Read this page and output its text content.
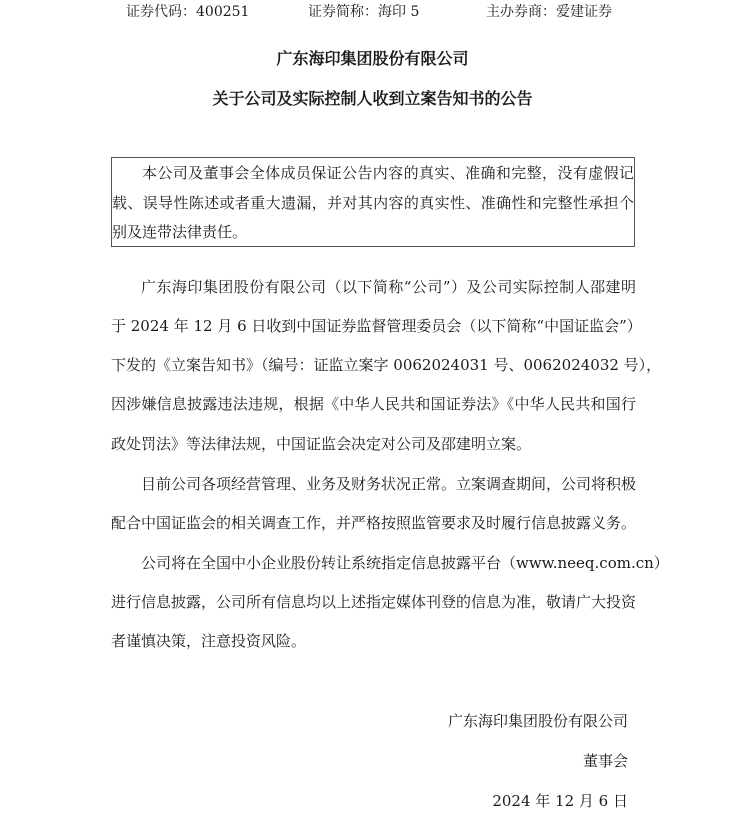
证券代码：400251	证券简称：海印 5	主办券商：爱建证券
广东海印集团股份有限公司
关于公司及实际控制人收到立案告知书的公告
本公司及董事会全体成员保证公告内容的真实、准确和完整，没有虚假记
载、误导性陈述或者重大遗漏，并对其内容的真实性、准确性和完整性承担个
别及连带法律责任。
广东海印集团股份有限公司（以下简称“公司”）及公司实际控制人邵建明
于 2024 年 12 月 6 日收到中国证券监督管理委员会（以下简称“中国证监会”）
下发的《立案告知书》（编号：证监立案字 0062024031 号、0062024032 号），
因涉嫌信息披露违法违规，根据《中华人民共和国证券法》《中华人民共和国行
政处罚法》等法律法规，中国证监会决定对公司及邵建明立案。
目前公司各项经营管理、业务及财务状况正常。立案调查期间，公司将积极
配合中国证监会的相关调查工作，并严格按照监管要求及时履行信息披露义务。
公司将在全国中小企业股份转让系统指定信息披露平台（www.neeq.com.cn）
进行信息披露，公司所有信息均以上述指定媒体刊登的信息为准，敬请广大投资
者谨慎决策，注意投资风险。
广东海印集团股份有限公司
董事会
2024 年 12 月 6 日
